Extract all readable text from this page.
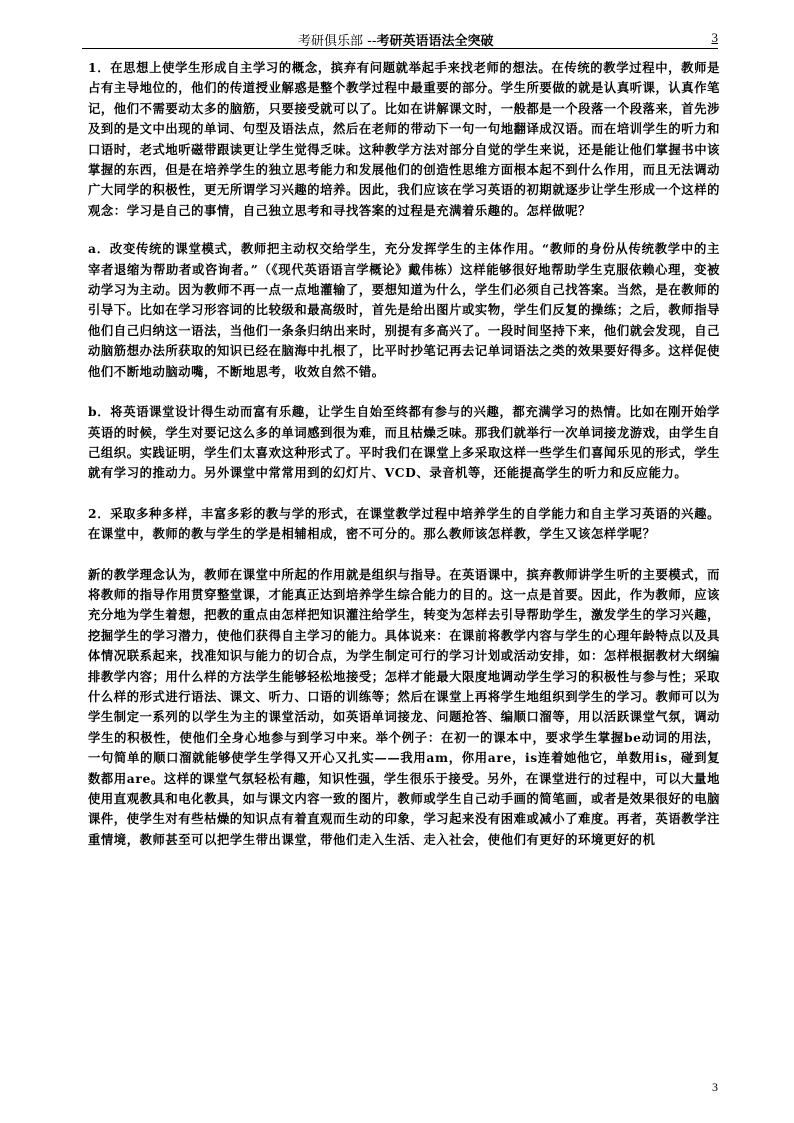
考研俱乐部 --考研英语语法全突破	3

1．在思想上使学生形成自主学习的概念，摈弃有问题就举起手来找老师的想法。在传统的教学过程中，教师是占有主导地位的，他们的传道授业解惑是整个教学过程中最重要的部分。学生所要做的就是认真听课，认真作笔记，他们不需要动太多的脑筋，只要接受就可以了。比如在讲解课文时，一般都是一个段落一个段落来，首先涉及到的是文中出现的单词、句型及语法点，然后在老师的带动下一句一句地翻译成汉语。而在培训学生的听力和口语时，老式地听磁带跟读更让学生觉得乏味。这种教学方法对部分自觉的学生来说，还是能让他们掌握书中该掌握的东西，但是在培养学生的独立思考能力和发展他们的创造性思维方面根本起不到什么作用，而且无法调动广大同学的积极性，更无所谓学习兴趣的培养。因此，我们应该在学习英语的初期就逐步让学生形成一个这样的观念：学习是自己的事情，自己独立思考和寻找答案的过程是充满着乐趣的。怎样做呢？

a．改变传统的课堂模式，教师把主动权交给学生，充分发挥学生的主体作用。“教师的身份从传统教学中的主宰者退缩为帮助者或咨询者。”（《现代英语语言学概论》戴伟栋）这样能够很好地帮助学生克服依赖心理，变被动学习为主动。因为教师不再一点一点地灌输了，要想知道为什么，学生们必须自己找答案。当然，是在教师的引导下。比如在学习形容词的比较级和最高级时，首先是给出图片或实物，学生们反复的操练；之后，教师指导他们自己归纳这一语法，当他们一条条归纳出来时，别提有多高兴了。一段时间坚持下来，他们就会发现，自己动脑筋想办法所获取的知识已经在脑海中扎根了，比平时抄笔记再去记单词语法之类的效果要好得多。这样促使他们不断地动脑动嘴，不断地思考，收效自然不错。

b．将英语课堂设计得生动而富有乐趣，让学生自始至终都有参与的兴趣，都充满学习的热情。比如在刚开始学英语的时候，学生对要记这么多的单词感到很为难，而且枯燥乏味。那我们就举行一次单词接龙游戏，由学生自己组织。实践证明，学生们太喜欢这种形式了。平时我们在课堂上多采取这样一些学生们喜闻乐见的形式，学生就有学习的推动力。另外课堂中常常用到的幻灯片、VCD、录音机等，还能提高学生的听力和反应能力。

2．采取多种多样，丰富多彩的教与学的形式，在课堂教学过程中培养学生的自学能力和自主学习英语的兴趣。在课堂中，教师的教与学生的学是相辅相成，密不可分的。那么教师该怎样教，学生又该怎样学呢？

新的教学理念认为，教师在课堂中所起的作用就是组织与指导。在英语课中，摈弃教师讲学生听的主要模式，而将教师的指导作用贯穿整堂课，才能真正达到培养学生综合能力的目的。这一点是首要。因此，作为教师，应该充分地为学生着想，把教的重点由怎样把知识灌注给学生，转变为怎样去引导帮助学生，激发学生的学习兴趣，挖掘学生的学习潜力，使他们获得自主学习的能力。具体说来：在课前将教学内容与学生的心理年龄特点以及具体情况联系起来，找准知识与能力的切合点，为学生制定可行的学习计划或活动安排，如：怎样根据教材大纲编排教学内容；用什么样的方法学生能够轻松地接受；怎样才能最大限度地调动学生学习的积极性与参与性；采取什么样的形式进行语法、课文、听力、口语的训练等；然后在课堂上再将学生地组织到学生的学习。教师可以为学生制定一系列的以学生为主的课堂活动，如英语单词接龙、问题抢答、编顺口溜等，用以活跃课堂气氛，调动学生的积极性，使他们全身心地参与到学习中来。举个例子：在初一的课本中，要求学生掌握be动词的用法，一句简单的顺口溜就能够使学生学得又开心又扎实——我用am，你用are，is连着她他它，单数用is，碰到复数都用are。这样的课堂气氛轻松有趣，知识性强，学生很乐于接受。另外，在课堂进行的过程中，可以大量地使用直观教具和电化教具，如与课文内容一致的图片，教师或学生自己动手画的简笔画，或者是效果很好的电脑课件，使学生对有些枯燥的知识点有着直观而生动的印象，学习起来没有困难或减小了难度。再者，英语教学注重情境，教师甚至可以把学生带出课堂，带他们走入生活、走入社会，使他们有更好的环境更好的机

3
